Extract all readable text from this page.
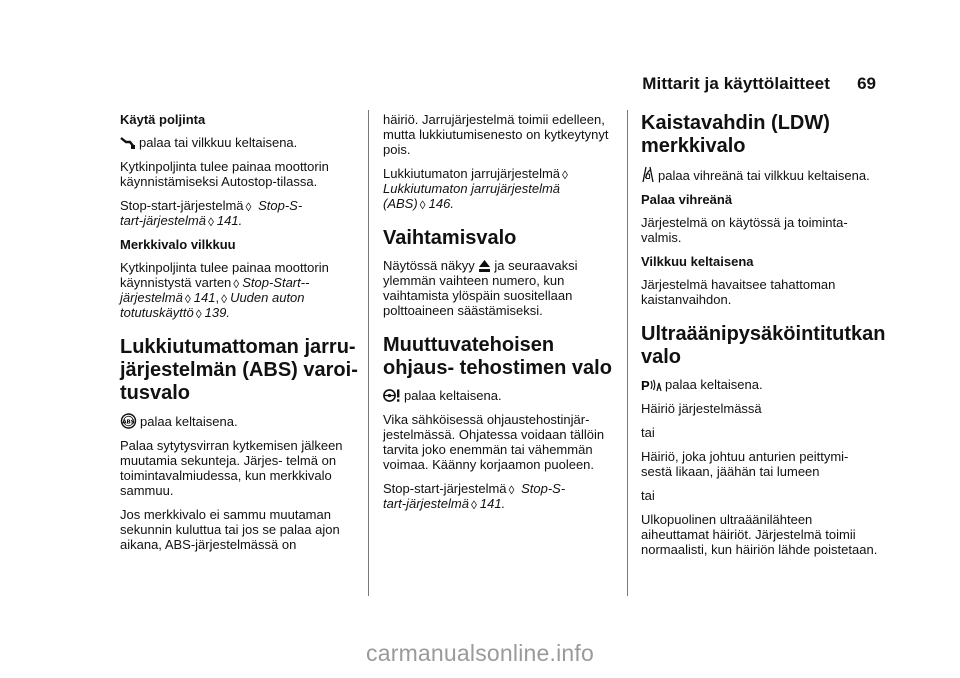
Mittarit ja käyttölaitteet 69
Käytä poljinta

palaa tai vilkkuu keltaisena.

Kytkinpoljinta tulee painaa moottorin käynnistämiseksi Autostop-tilassa.

Stop-start-järjestelmä ◊ Stop-S-
tart-järjestelmä ◊ 141.

Merkkivalo vilkkuu

Kytkinpoljinta tulee painaa moottorin
käynnistystä varten ◊ Stop-Start--
järjestelmä ◊ 141, ◊ Uuden auton
totutuskäyttö ◊ 139.

Lukkiutumattoman jarru- järjestelmän (ABS) varoi- tusvalo

ABS palaa keltaisena.

Palaa sytytysvirran kytkemisen jälkeen muutamia sekunteja. Järjes- telmä on toimintavalmiudessa, kun merkkivalo sammuu.

Jos merkkivalo ei sammu muutaman sekunnin kuluttua tai jos se palaa ajon aikana, ABS-järjestelmässä on

häiriö. Jarrujärjestelmä toimii edelleen, mutta lukkiutumisenesto on kytkeytynyt pois.

Lukkiutumaton jarrujärjestelmä ◊
Lukkiutumaton jarrujärjestelmä
(ABS) ◊ 146.

Vaihtamisvalo

Näytössä näkyy ja seuraavaksi ylemmän vaihteen numero, kun vaihtamista ylöspäin suositellaan polttoaineen säästämiseksi.

Muuttuvatehoisen ohjaus- tehostimen valo

palaa keltaisena.

Vika sähköisessä ohjaustehostinjär- jestelmässä. Ohjatessa voidaan tällöin tarvita joko enemmän tai vähemmän voimaa. Käänny korjaamon puoleen.

Stop-start-järjestelmä ◊ Stop-S-
tart-järjestelmä ◊ 141.

Kaistavahdin (LDW) merkkivalo

palaa vihreänä tai vilkkuu keltaisena.

Palaa vihreänä

Järjestelmä on käytössä ja toiminta- valmis.

Vilkkuu keltaisena

Järjestelmä havaitsee tahattoman kaistanvaihdon.

Ultraäänipysäköintitutkan valo

P palaa keltaisena.

Häiriö järjestelmässä

tai

Häiriö, joka johtuu anturien peittymi- sestä likaan, jäähän tai lumeen

tai

Ulkopuolinen ultraäänilähteen aiheuttamat häiriöt. Järjestelmä toimii normaalisti, kun häiriön lähde poistetaan.

carmanualsonline.info
